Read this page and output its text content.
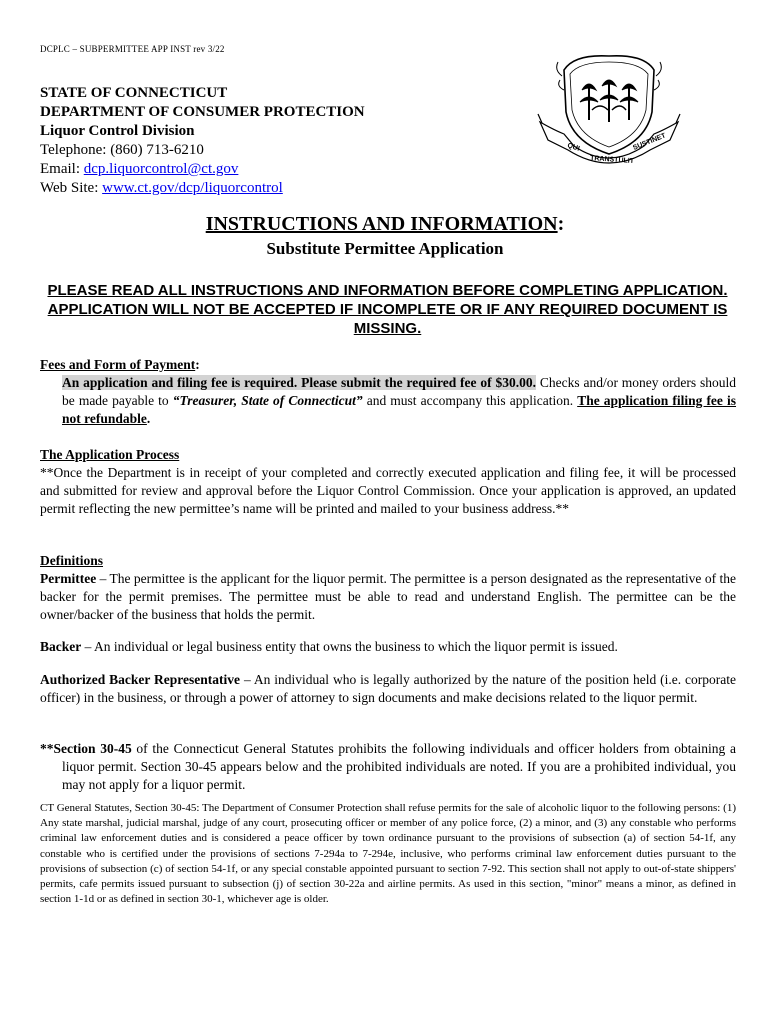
DCPLC – SUBPERMITTEE APP INST rev 3/22
STATE OF CONNECTICUT
DEPARTMENT OF CONSUMER PROTECTION
Liquor Control Division
Telephone: (860) 713-6210
Email: dcp.liquorcontrol@ct.gov
Web Site: www.ct.gov/dcp/liquorcontrol
QUI
TRANSTULIT
SUSTINET
INSTRUCTIONS AND INFORMATION:
Substitute Permittee Application
PLEASE READ ALL INSTRUCTIONS AND INFORMATION BEFORE COMPLETING APPLICATION. APPLICATION WILL NOT BE ACCEPTED IF INCOMPLETE OR IF ANY REQUIRED DOCUMENT IS MISSING.
Fees and Form of Payment:
An application and filing fee is required. Please submit the required fee of $30.00. Checks and/or money orders should be made payable to “Treasurer, State of Connecticut” and must accompany this application. The application filing fee is not refundable.
The Application Process
**Once the Department is in receipt of your completed and correctly executed application and filing fee, it will be processed and submitted for review and approval before the Liquor Control Commission. Once your application is approved, an updated permit reflecting the new permittee’s name will be printed and mailed to your business address.**
Definitions
Permittee – The permittee is the applicant for the liquor permit. The permittee is a person designated as the representative of the backer for the permit premises. The permittee must be able to read and understand English. The permittee can be the owner/backer of the business that holds the permit.
Backer – An individual or legal business entity that owns the business to which the liquor permit is issued.
Authorized Backer Representative – An individual who is legally authorized by the nature of the position held (i.e. corporate officer) in the business, or through a power of attorney to sign documents and make decisions related to the liquor permit.
**Section 30-45 of the Connecticut General Statutes prohibits the following individuals and officer holders from obtaining a liquor permit. Section 30-45 appears below and the prohibited individuals are noted. If you are a prohibited individual, you may not apply for a liquor permit.
CT General Statutes, Section 30-45: The Department of Consumer Protection shall refuse permits for the sale of alcoholic liquor to the following persons: (1) Any state marshal, judicial marshal, judge of any court, prosecuting officer or member of any police force, (2) a minor, and (3) any constable who performs criminal law enforcement duties and is considered a peace officer by town ordinance pursuant to the provisions of subsection (a) of section 54-1f, any constable who is certified under the provisions of sections 7-294a to 7-294e, inclusive, who performs criminal law enforcement duties pursuant to the provisions of subsection (c) of section 54-1f, or any special constable appointed pursuant to section 7-92. This section shall not apply to out-of-state shippers' permits, cafe permits issued pursuant to subsection (j) of section 30-22a and airline permits. As used in this section, "minor" means a minor, as defined in section 1-1d or as defined in section 30-1, whichever age is older.
